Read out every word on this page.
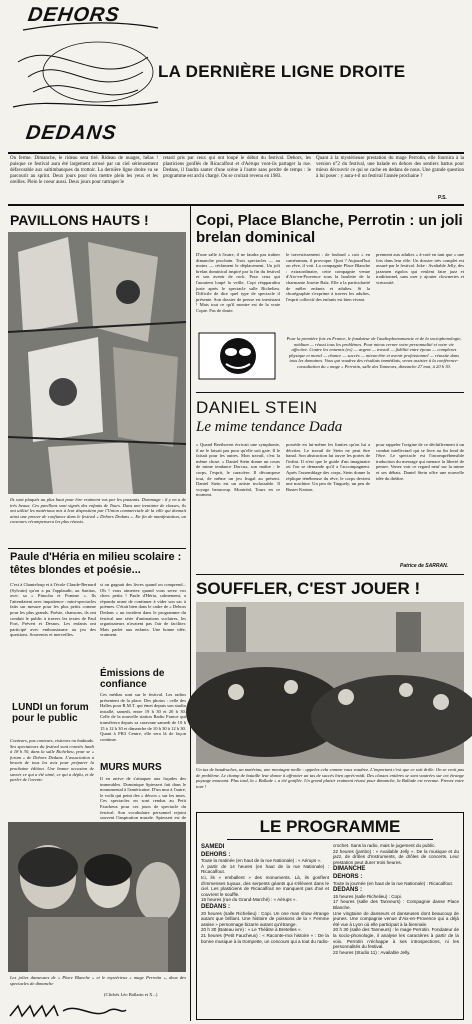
DEHORS
DEDANS
LA DERNIÈRE LIGNE DROITE
On ferme. Dimanche, le rideau sera tiré. Rideau de nuages, hélas ! puisque ce festival aura été largement arrosé par un ciel sérieusement défavorable aux saltimbanques du trottoir. La dernière ligne droite va se parcourir au sprint. Deux jours pour s'en mettre plein les yeux et les oreilles. Plein le coeur aussi. Deux jours pour rattraper le
retard pris par ceux qui ont loupé le début du festival. Dehors, les plasticiens gonflés de Ricacalfout et d'Aérups vont-ils partager la rue. Dedans, il faudra sauter d'une scène à l'autre sans perdre de temps : le programme est archi chargé. On se croirait revenu en 1983.
Quant à la mystérieuse prestation du mage Perrotin, elle fournira à la version n°2 du festival, une balade en dehors des sentiers battus pour mieux découvrir ce qui se cache en dedans de nous. Une grande question à lui poser : y aura-t-il un festival l'année prochaine ?
P.S.
PAVILLONS HAUTS !
Ils sont plaqués au plus haut pour être vraiment vus par les passants. Dommage : il y en a de très beaux. Ces pavillons sont signés des enfants de Tours. Dans une trentaine de classes, ils ont utilisé les matériaux mis à leur disposition par l'Union commerciale de la ville qui donnait ainsi une preuve de confiance dans le festival « Dehors Dedans ». En fin de manifestation, un concours récompensera les plus réussis.
Paule d'Héria en milieu scolaire : têtes blondes et poésie...
C'est à Chanteloup et à l'école Claude-Bernard (Sylvain) qu'on a pu l'applaudir, au Sanitas, avec sa « Pinocha et Pomme ». Ils l'attendaient avec impatience : mini-spectacles faits sur mesure pour les plus petits comme pour les plus grands. Poésie, chansons, ils ont conduit le public à travers les textes de Paul Fort, Prévert et Desnos. Les enfants ont participé avec enthousiasme au jeu des questions. Souvenirs et merveilles.
si on gagnait des livres quand on comprend... Oh ! vous aimeriez quand vous serez vos chers petits ! Paule d'Héria, calmement, a répondu avant de continuer à vider son sac à poèmes. C'était bien dans le cadre de « Dehors Dedans » un incident dans le programme du festival une série d'animations scolaires, les organisateurs n'avaient pas l'air de faciliter. Mais parler aux enfants. Une bonne idée, vraiment.
Émissions de confiance
Ces médias sont sur le festival. Les radios présentent de la place. Des photos : celle des Halles pour R.M.T. qui émet depuis son studio installé, samedi, entre 19 h 30 et 20 h 30. Celle de la nouvelle station Radio France qui transfèrera depuis sa caravane samedi de 10 h 15 à 12 h 30 et dimanche de 10 h 30 à 12 h 30. Quant à FR3 Centre, elle sera là de façon continue.
LUNDI un forum pour le public
Conteurs, pas conteurs, visiteurs ou badauds. Ses spectateurs du festival sont conviés lundi à 18 h 30, dans la salle Richelieu, pour se « forum » de Dehors Dedans. L'association a besoin de tous les avis pour préparer la prochaine édition. Une bonne occasion de savoir ce qui a été aimé, ce qui a déplu, et de parler de l'avenir.
MURS MURS
Il en arrive de s'attaquer aux façades des immeubles. Dominique Spiessert fait dans le monumental à l'américaine. D'un mur à l'autre, le voilà qui peint des « décors » sur les murs. Ces spectacles en sont rendus au Petit Faucheux pour ces jours de spectacle du festival. Son vocabulaire personnel rejoint souvent l'inspiration murale. Spiessert est de
Les jolies danseuses de « Place Blanche » et le mystérieux « mage Perrotin », deux des spectacles de dimanche
(Clichés Léo Ballarin et X...)
Copi, Place Blanche, Perrotin : un joli brelan dominical
D'une salle à l'autre, il ne faudra pas traîner dimanche prochain. Trois spectacles — au moins — réclament le déplacement. Un joli brelan dominical inspiré par la fin du festival et son avenir de rock. Pour ceux qui l'auraient loupé la veille, Copi réapparaîtra juste après le spectacle salle Richelieu. Difficile de dire quel type de spectacle il présente. Son dossier de presse est inexistant ! Mais tout ce qu'il montre est de la vraie Copie. Pas de doute.
le travestissement : de loubard « cuir » en caméraman, il provoque. Quoi ? Aujourd'hui on rêve, il voit. La compagnie Place Blanche : extraordinaire, cette compagnie venue d'Aix-en-Provence sous la houlette de la charmante Josette Baïz. Elle a la particularité de mêler enfants et adultes. Si la chorégraphie s'exprime à travers les adultes, l'esprit collectif des enfants est bien vivant.
prennent aux adultes « à-coté en tant que » une fois dans leur rôle. Un dossier très complet est assuré par le festival. Joke : Avaliable Jelly, des jazzmen rigolos qui veulent faire jazz et traditionnel, sans oser y ajouter clowneries et virtuosité.
Pour la première fois en France, le fondateur de l'audiophonomancie et de la sociophonologie, médium — réussi tous les problèmes. Pour mieux cerner votre personnalité et votre vie affective. Contre les ennemis (es) — argent — travail — fidélité entre époux — complexes physique et moral — chance — succès — mieux-être et avenir professionnel — réussite dans tous les domaines. Vous qui voudrez des résultats immédiats, venez assister à la conférence-consultation du « mage » Perrotin, salle des Tanneurs, dimanche 27 mai, à 20 h 30.
DANIEL STEIN
Le mime tendance Dada
« Quand Beethoven écrivait une symphonie, il ne le faisait pas pour qu'elle soit gaie. Il le faisait pour les autres. Mon travail, c'est la même chose. » Daniel Stein donne un cours de mime tendance Dorcux, son maître : le corps, l'esprit, le caractère. Il décompose tout, de même un jeu frugal au présent. Daniel Stein est un artiste inclassable. Il voyage beaucoup. Montréal, Tours en ce moment.
possède en lui-même les limites qu'on lui a décrites. Le travail de Stein ne peut être banal. Son abstraction lui ouvre les portes de l'infini. Il n'est que le guide d'un imaginaire où l'on se demande qu'il a l'accompagnent. Après l'assemblage des corps, Stein donne la réplique ténébreuse du rêve, le corps devient une machine. Un peu de Tinguely, un peu de Buster Keaton.
pour rappeler l'origine de ce déchiffrement à un combat intellectuel qui se livre au fin fond de l'être. Le spectacle est l'incompréhensible traduction du message qui menace la liberté de penser. Venez voir ce regard neuf sur la mime et ses débats. Daniel Stein offre une nouvelle idée du théâtre.
Patrice de SARRAN.
SOUFFLER, C'EST JOUER !
Un tas de baudruches, un matériau, une montagne molle : appelez cela comme vous voudrez. L'important c'est que ce soit drôle. On se croit pas de problème. Le champ de bataille leur donne à affronter un tas de succès bien après-midi. Des classes entières se sont vautrées sur cet étrange paysage mouvant. Plus tard, la « Ballade » a été gonflée. Un grand plaisir vraiment réussi pour dimanche, la Ballade est revenue. Prenez votre tour !
LE PROGRAMME
SAMEDI
DEHORS :
Toute la matinée (en haut de la rue Nationale) : « Aérups ».
À partir de 14 heures (en haut de la rue Nationale) : Ricacalfout.
Ici, ils « emballent » des monuments. Là, ils gonflent d'immenses tuyaux, des serpents géants qui s'élèvent dans le ciel. Les plasticiens de Ricacalfout ne manquent pas d'air et couvrent le souffle.
15 heures (rue du Grand-Marché) : « Aérups ».
DEDANS :
20 heures (salle Richelieu) : Copi. Un one man show étrange autant que brillant. Une histoire de poissons de la « Femme assise » personnage bizarre autant qu'étrange.
20 h 30 (Bateau ivre) : « Le Théâtre à Bretelles ».
21 heures (Petit Faucheux) : « Raconte-moi histoire » : De la bonne musique à la trompette, un concours qui a tout du radio-
crochet. Sans la radio, mais le jugement du public.
22 heures (jambo) : « Available Jelly ». De la musique et du jazz, de drôles d'instruments, de drôles de concerts. Leur prestation peut durer trois heures.
DIMANCHE
DEHORS :
Toute la journée (en haut de la rue Nationale) : Ricacalfout.
DEDANS :
15 heures (salle Richelieu) : Copi.
17 heures (salle des Tanneurs) : Compagnie danse Place Blanche.
Une vingtaine de danseurs et danseuses dont beaucoup de jeunes. Une compagnie venue d'Aix-en-Provence qui a déjà été vue à Lyon où elle participait à la biennale.
20 h 30 (salle des Tanneurs) : le mage Perrotin. Fondateur de la socio-phonologie, il analyse les caractères à partir de la voix. Perrotin n'échappe à ses introspections, ni les personnalités du festival.
22 heures (Studio 11) : Available Jelly.
